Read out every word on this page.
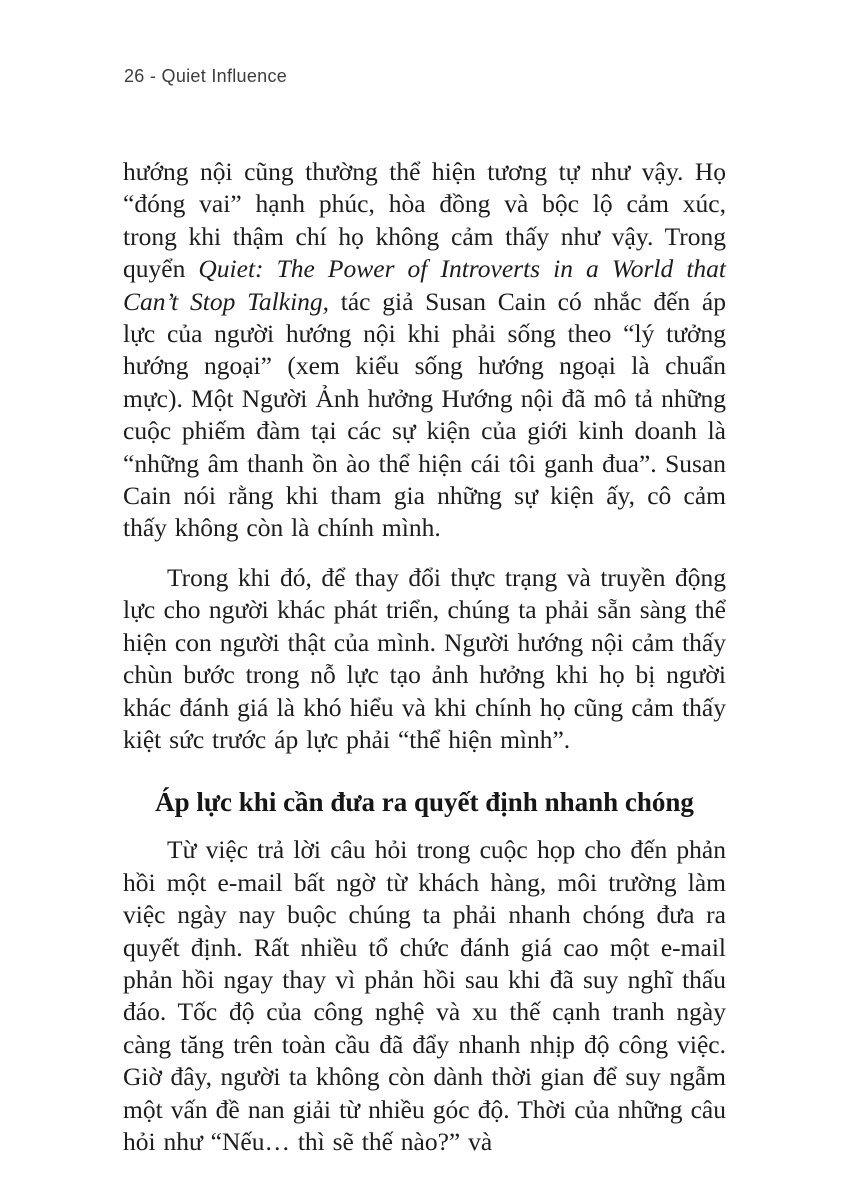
26 - Quiet Influence

hướng nội cũng thường thể hiện tương tự như vậy. Họ “đóng vai” hạnh phúc, hòa đồng và bộc lộ cảm xúc, trong khi thậm chí họ không cảm thấy như vậy. Trong quyển Quiet: The Power of Introverts in a World that Can’t Stop Talking, tác giả Susan Cain có nhắc đến áp lực của người hướng nội khi phải sống theo “lý tưởng hướng ngoại” (xem kiểu sống hướng ngoại là chuẩn mực). Một Người Ảnh hưởng Hướng nội đã mô tả những cuộc phiếm đàm tại các sự kiện của giới kinh doanh là “những âm thanh ồn ào thể hiện cái tôi ganh đua”. Susan Cain nói rằng khi tham gia những sự kiện ấy, cô cảm thấy không còn là chính mình.

Trong khi đó, để thay đổi thực trạng và truyền động lực cho người khác phát triển, chúng ta phải sẵn sàng thể hiện con người thật của mình. Người hướng nội cảm thấy chùn bước trong nỗ lực tạo ảnh hưởng khi họ bị người khác đánh giá là khó hiểu và khi chính họ cũng cảm thấy kiệt sức trước áp lực phải “thể hiện mình”.

Áp lực khi cần đưa ra quyết định nhanh chóng

Từ việc trả lời câu hỏi trong cuộc họp cho đến phản hồi một e-mail bất ngờ từ khách hàng, môi trường làm việc ngày nay buộc chúng ta phải nhanh chóng đưa ra quyết định. Rất nhiều tổ chức đánh giá cao một e-mail phản hồi ngay thay vì phản hồi sau khi đã suy nghĩ thấu đáo. Tốc độ của công nghệ và xu thế cạnh tranh ngày càng tăng trên toàn cầu đã đẩy nhanh nhịp độ công việc. Giờ đây, người ta không còn dành thời gian để suy ngẫm một vấn đề nan giải từ nhiều góc độ. Thời của những câu hỏi như “Nếu… thì sẽ thế nào?” và
